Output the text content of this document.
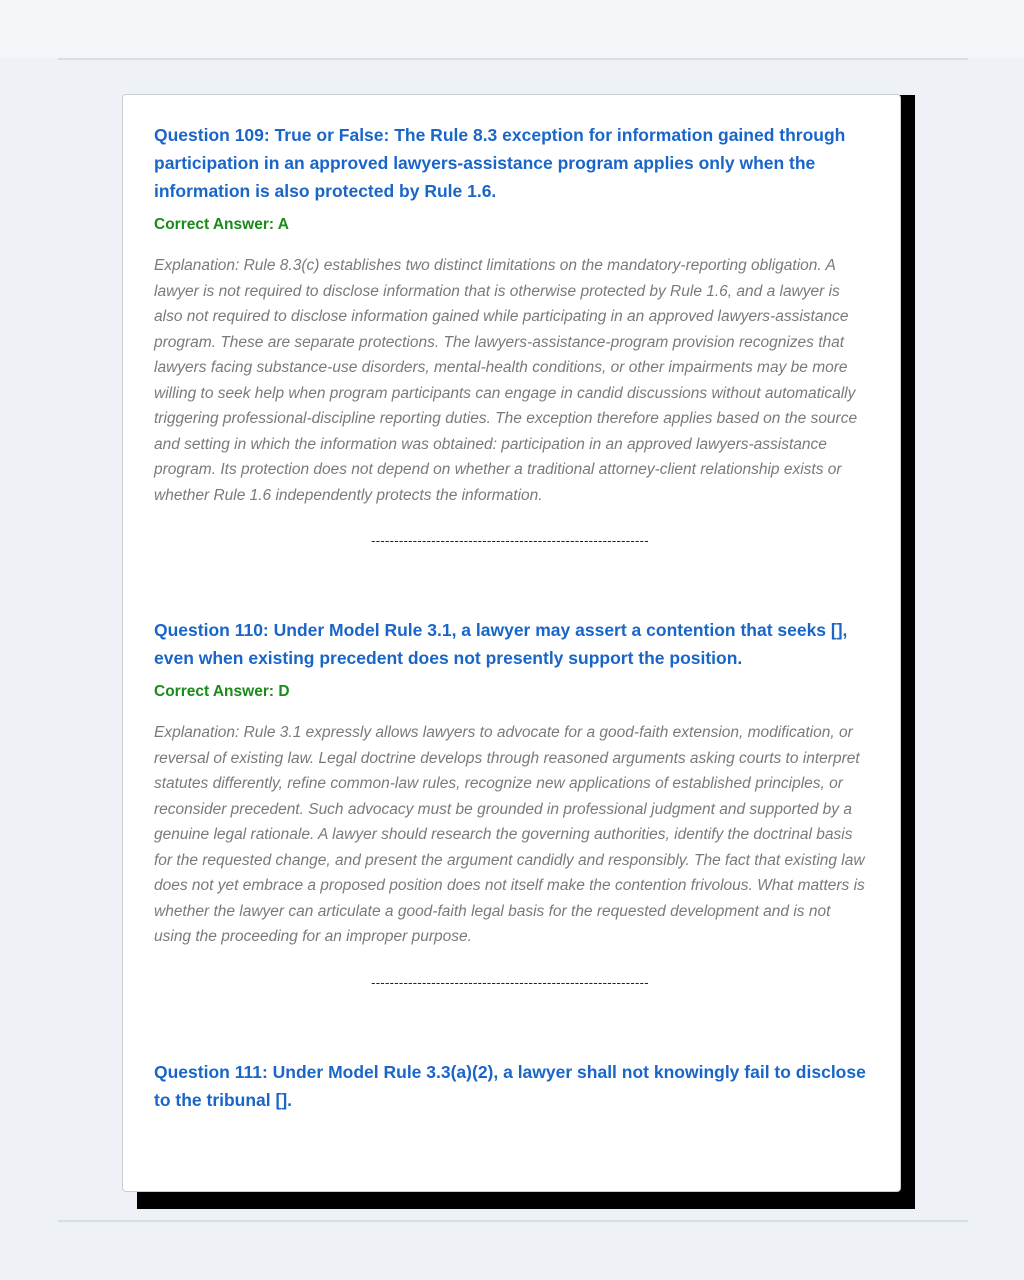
Question 109: True or False: The Rule 8.3 exception for information gained through participation in an approved lawyers-assistance program applies only when the information is also protected by Rule 1.6.

Correct Answer: A

Explanation: Rule 8.3(c) establishes two distinct limitations on the mandatory-reporting obligation. A lawyer is not required to disclose information that is otherwise protected by Rule 1.6, and a lawyer is also not required to disclose information gained while participating in an approved lawyers-assistance program. These are separate protections. The lawyers-assistance-program provision recognizes that lawyers facing substance-use disorders, mental-health conditions, or other impairments may be more willing to seek help when program participants can engage in candid discussions without automatically triggering professional-discipline reporting duties. The exception therefore applies based on the source and setting in which the information was obtained: participation in an approved lawyers-assistance program. Its protection does not depend on whether a traditional attorney-client relationship exists or whether Rule 1.6 independently protects the information.

------------------------------------------------------------

Question 110: Under Model Rule 3.1, a lawyer may assert a contention that seeks [], even when existing precedent does not presently support the position.

Correct Answer: D

Explanation: Rule 3.1 expressly allows lawyers to advocate for a good-faith extension, modification, or reversal of existing law. Legal doctrine develops through reasoned arguments asking courts to interpret statutes differently, refine common-law rules, recognize new applications of established principles, or reconsider precedent. Such advocacy must be grounded in professional judgment and supported by a genuine legal rationale. A lawyer should research the governing authorities, identify the doctrinal basis for the requested change, and present the argument candidly and responsibly. The fact that existing law does not yet embrace a proposed position does not itself make the contention frivolous. What matters is whether the lawyer can articulate a good-faith legal basis for the requested development and is not using the proceeding for an improper purpose.

------------------------------------------------------------

Question 111: Under Model Rule 3.3(a)(2), a lawyer shall not knowingly fail to disclose to the tribunal [].
